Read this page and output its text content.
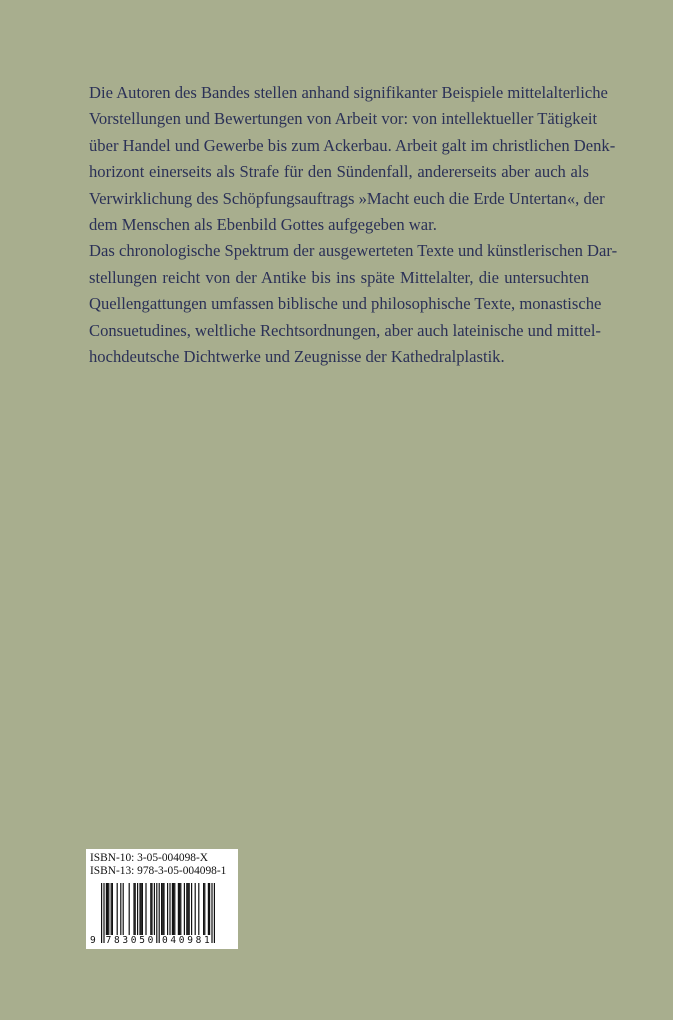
Die Autoren des Bandes stellen anhand signifikanter Beispiele mittelalterliche
Vorstellungen und Bewertungen von Arbeit vor: von intellektueller Tätigkeit
über Handel und Gewerbe bis zum Ackerbau. Arbeit galt im christlichen Denk-
horizont einerseits als Strafe für den Sündenfall, andererseits aber auch als
Verwirklichung des Schöpfungsauftrags »Macht euch die Erde Untertan«, der
dem Menschen als Ebenbild Gottes aufgegeben war.

Das chronologische Spektrum der ausgewerteten Texte und künstlerischen Dar-
stellungen reicht von der Antike bis ins späte Mittelalter, die untersuchten
Quellengattungen umfassen biblische und philosophische Texte, monastische
Consuetudines, weltliche Rechtsordnungen, aber auch lateinische und mittel-
hochdeutsche Dichtwerke und Zeugnisse der Kathedralplastik.

ISBN-10: 3-05-004098-X
ISBN-13: 978-3-05-004098-1
9 7 8 3 0 5 0 0 4 0 9 8 1
